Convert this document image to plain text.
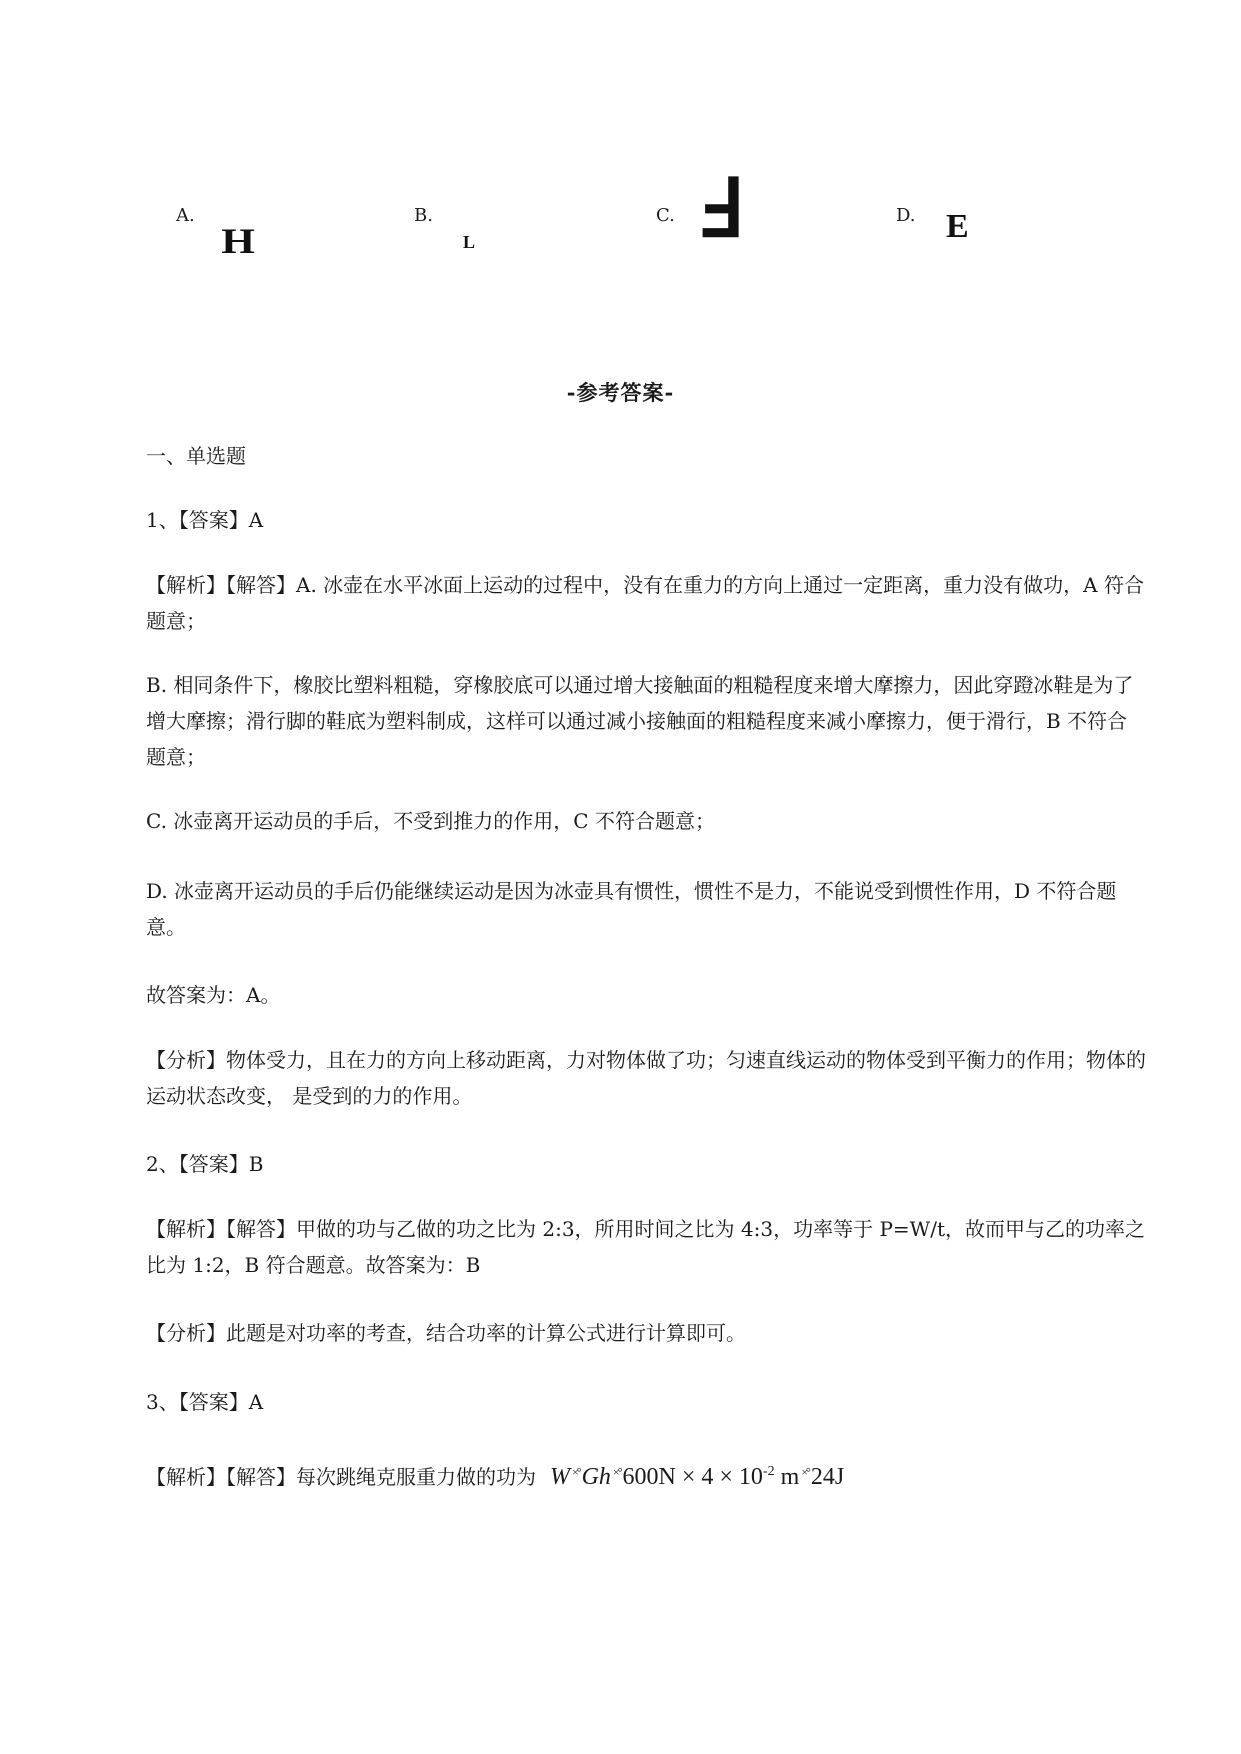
A.
H
B.
L
C. Ⅎ	D. E
-参考答案-

一、单选题

1、【答案】A

【解析】【解答】A. 冰壶在水平冰面上运动的过程中，没有在重力的方向上通过一定距离，重力没有做功，A 符合题意；

B. 相同条件下，橡胶比塑料粗糙，穿橡胶底可以通过增大接触面的粗糙程度来增大摩擦力，因此穿蹬冰鞋是为了增大摩擦；滑行脚的鞋底为塑料制成，这样可以通过减小接触面的粗糙程度来减小摩擦力，便于滑行，B 不符合题意；

C. 冰壶离开运动员的手后，不受到推力的作用，C 不符合题意；

D. 冰壶离开运动员的手后仍能继续运动是因为冰壶具有惯性，惯性不是力，不能说受到惯性作用，D 不符合题意。

故答案为：A。

【分析】物体受力，且在力的方向上移动距离，力对物体做了功；匀速直线运动的物体受到平衡力的作用；物体的运动状态改变， 是受到的力的作用。

2、【答案】B

【解析】【解答】甲做的功与乙做的功之比为 2:3，所用时间之比为 4:3，功率等于 P=W/t，故而甲与乙的功率之比为 1:2，B 符合题意。故答案为：B

【分析】此题是对功率的考查，结合功率的计算公式进行计算即可。

3、【答案】A

【解析】【解答】每次跳绳克服重力做的功为 W ×°Gh $^{\times^\circ}600N \times 4 \times 10^{-2}$ m ×°24J
